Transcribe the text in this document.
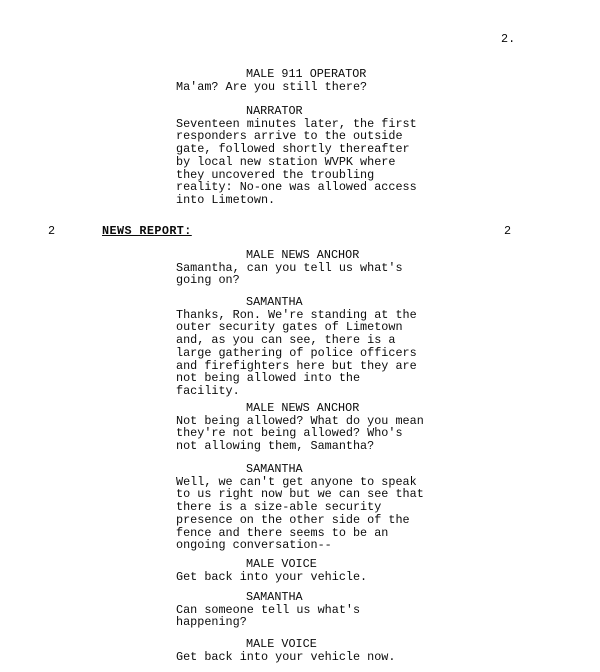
2.
MALE 911 OPERATOR
Ma'am? Are you still there?
NARRATOR
Seventeen minutes later, the first
responders arrive to the outside
gate, followed shortly thereafter
by local new station WVPK where
they uncovered the troubling
reality: No-one was allowed access
into Limetown.
2	NEWS REPORT:	2
MALE NEWS ANCHOR
Samantha, can you tell us what's
going on?
SAMANTHA
Thanks, Ron. We're standing at the
outer security gates of Limetown
and, as you can see, there is a
large gathering of police officers
and firefighters here but they are
not being allowed into the
facility.
MALE NEWS ANCHOR
Not being allowed? What do you mean
they're not being allowed? Who's
not allowing them, Samantha?
SAMANTHA
Well, we can't get anyone to speak
to us right now but we can see that
there is a size-able security
presence on the other side of the
fence and there seems to be an
ongoing conversation--
MALE VOICE
Get back into your vehicle.
SAMANTHA
Can someone tell us what's
happening?
MALE VOICE
Get back into your vehicle now.
